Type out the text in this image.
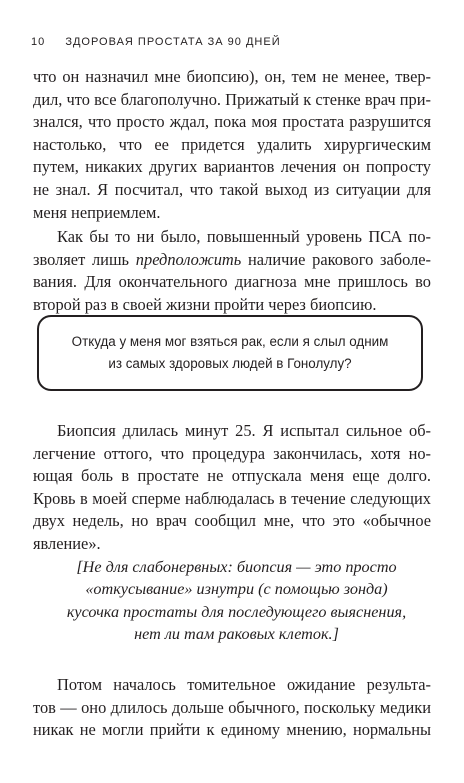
10 ЗДОРОВАЯ ПРОСТАТА ЗА 90 ДНЕЙ
что он назначил мне биопсию), он, тем не менее, твер-
дил, что все благополучно. Прижатый к стенке врач при-
знался, что просто ждал, пока моя простата разрушится
настолько, что ее придется удалить хирургическим
путем, никаких других вариантов лечения он попросту
не знал. Я посчитал, что такой выход из ситуации для
меня неприемлем.
Как бы то ни было, повышенный уровень ПСА по-
зволяет лишь предположить наличие ракового заболе-
вания. Для окончательного диагноза мне пришлось во
второй раз в своей жизни пройти через биопсию.
Откуда у меня мог взяться рак, если я слыл одним
из самых здоровых людей в Гонолулу?
Биопсия длилась минут 25. Я испытал сильное об-
легчение оттого, что процедура закончилась, хотя но-
ющая боль в простате не отпускала меня еще долго.
Кровь в моей сперме наблюдалась в течение следующих
двух недель, но врач сообщил мне, что это «обычное
явление».
[Не для слабонервных: биопсия — это просто
«откусывание» изнутри (с помощью зонда)
кусочка простаты для последующего выяснения,
нет ли там раковых клеток.]
Потом началось томительное ожидание результа-
тов — оно длилось дольше обычного, поскольку медики
никак не могли прийти к единому мнению, нормальны
